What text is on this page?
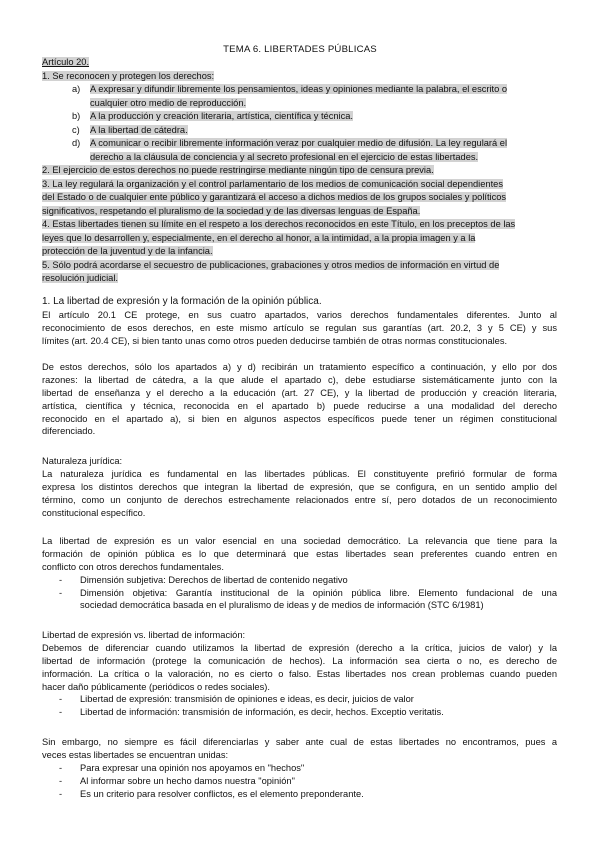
TEMA 6. LIBERTADES PÚBLICAS
Artículo 20.
1. Se reconocen y protegen los derechos:
a) A expresar y difundir libremente los pensamientos, ideas y opiniones mediante la palabra, el escrito o
cualquier otro medio de reproducción.
b) A la producción y creación literaria, artística, científica y técnica.
c) A la libertad de cátedra.
d) A comunicar o recibir libremente información veraz por cualquier medio de difusión. La ley regulará el
derecho a la cláusula de conciencia y al secreto profesional en el ejercicio de estas libertades.
2. El ejercicio de estos derechos no puede restringirse mediante ningún tipo de censura previa.
3. La ley regulará la organización y el control parlamentario de los medios de comunicación social dependientes
del Estado o de cualquier ente público y garantizará el acceso a dichos medios de los grupos sociales y políticos
significativos, respetando el pluralismo de la sociedad y de las diversas lenguas de España.
4. Estas libertades tienen su límite en el respeto a los derechos reconocidos en este Título, en los preceptos de las
leyes que lo desarrollen y, especialmente, en el derecho al honor, a la intimidad, a la propia imagen y a la
protección de la juventud y de la infancia.
5. Sólo podrá acordarse el secuestro de publicaciones, grabaciones y otros medios de información en virtud de
resolución judicial.
1. La libertad de expresión y la formación de la opinión pública.
El artículo 20.1 CE protege, en sus cuatro apartados, varios derechos fundamentales diferentes. Junto al
reconocimiento de esos derechos, en este mismo artículo se regulan sus garantías (art. 20.2, 3 y 5 CE) y sus
límites (art. 20.4 CE), si bien tanto unas como otros pueden deducirse también de otras normas constitucionales.
De estos derechos, sólo los apartados a) y d) recibirán un tratamiento específico a continuación, y ello por dos
razones: la libertad de cátedra, a la que alude el apartado c), debe estudiarse sistemáticamente junto con la
libertad de enseñanza y el derecho a la educación (art. 27 CE), y la libertad de producción y creación literaria,
artística, científica y técnica, reconocida en el apartado b) puede reducirse a una modalidad del derecho
reconocido en el apartado a), si bien en algunos aspectos específicos puede tener un régimen constitucional
diferenciado.
Naturaleza jurídica:
La naturaleza jurídica es fundamental en las libertades públicas. El constituyente prefirió formular de forma
expresa los distintos derechos que integran la libertad de expresión, que se configura, en un sentido amplio del
término, como un conjunto de derechos estrechamente relacionados entre sí, pero dotados de un reconocimiento
constitucional específico.
La libertad de expresión es un valor esencial en una sociedad democrático. La relevancia que tiene para la
formación de opinión pública es lo que determinará que estas libertades sean preferentes cuando entren en
conflicto con otros derechos fundamentales.
-	Dimensión subjetiva: Derechos de libertad de contenido negativo
-	Dimensión objetiva: Garantía institucional de la opinión pública libre. Elemento fundacional de una
sociedad democrática basada en el pluralismo de ideas y de medios de información (STC 6/1981)
Libertad de expresión vs. libertad de información:
Debemos de diferenciar cuando utilizamos la libertad de expresión (derecho a la crítica, juicios de valor) y la
libertad de información (protege la comunicación de hechos). La información sea cierta o no, es derecho de
información. La crítica o la valoración, no es cierto o falso. Estas libertades nos crean problemas cuando pueden
hacer daño públicamente (periódicos o redes sociales).
-	Libertad de expresión: transmisión de opiniones e ideas, es decir, juicios de valor
-	Libertad de información: transmisión de información, es decir, hechos. Exceptio veritatis.
Sin embargo, no siempre es fácil diferenciarlas y saber ante cual de estas libertades no encontramos, pues a
veces estas libertades se encuentran unidas:
-	Para expresar una opinión nos apoyamos en "hechos"
-	Al informar sobre un hecho damos nuestra "opinión"
-	Es un criterio para resolver conflictos, es el elemento preponderante.
